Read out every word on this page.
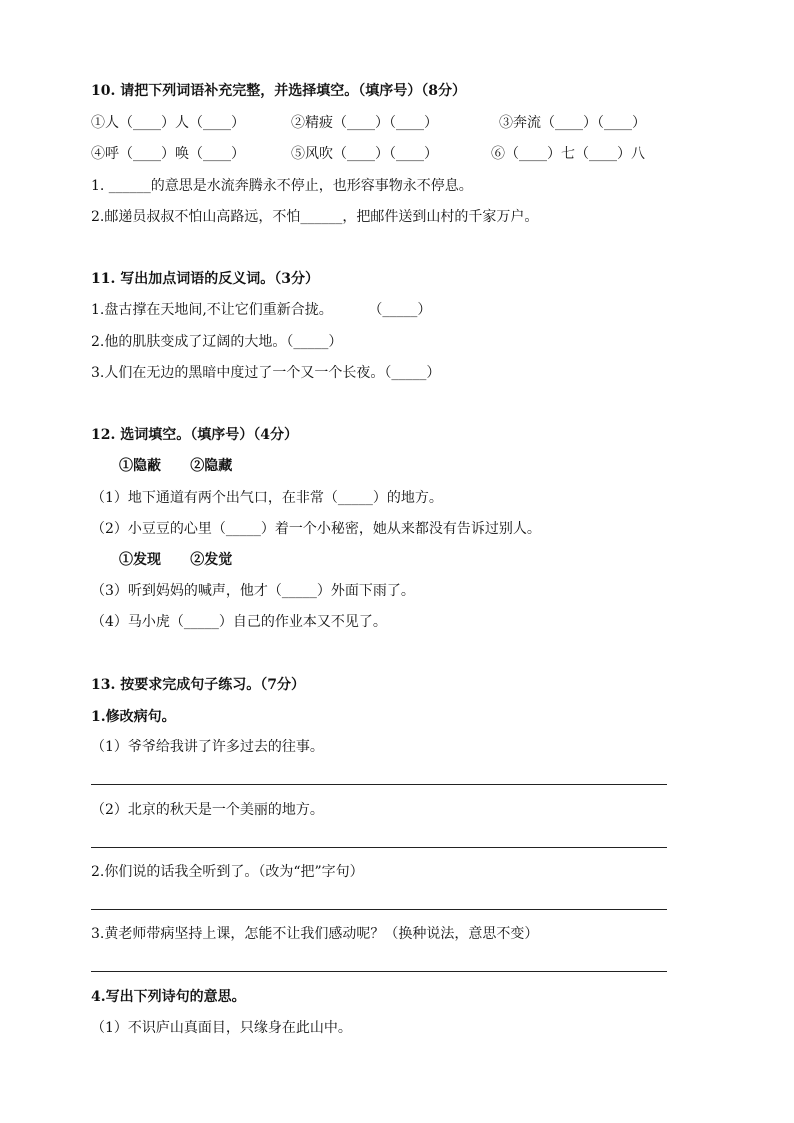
10. 请把下列词语补充完整，并选择填空。（填序号）（8分）
①人（____）人（____）	②精疲（____）（____）	③奔流（____）（____）
④呼（____）唤（____）	⑤风吹（____）（____）	⑥（____）七（____）八
1. ______的意思是水流奔腾永不停止，也形容事物永不停息。
2.邮递员叔叔不怕山高路远，不怕______，把邮件送到山村的千家万户。
11. 写出加点词语的反义词。（3分）
1.盘古撑在天地间,不让它们重新合拢。        （_____）
2.他的肌肤变成了辽阔的大地。（_____）
3.人们在无边的黑暗中度过了一个又一个长夜。（_____）
12. 选词填空。（填序号）（4分）
①隐蔽      ②隐藏
（1）地下通道有两个出气口，在非常（_____）的地方。
（2）小豆豆的心里（_____）着一个小秘密，她从来都没有告诉过别人。
①发现      ②发觉
（3）听到妈妈的喊声，他才（_____）外面下雨了。
（4）马小虎（_____）自己的作业本又不见了。
13. 按要求完成句子练习。（7分）
1.修改病句。
（1）爷爷给我讲了许多过去的往事。
（2）北京的秋天是一个美丽的地方。
2.你们说的话我全听到了。（改为“把”字句）
3.黄老师带病坚持上课，怎能不让我们感动呢？（换种说法，意思不变）
4.写出下列诗句的意思。
（1）不识庐山真面目，只缘身在此山中。
